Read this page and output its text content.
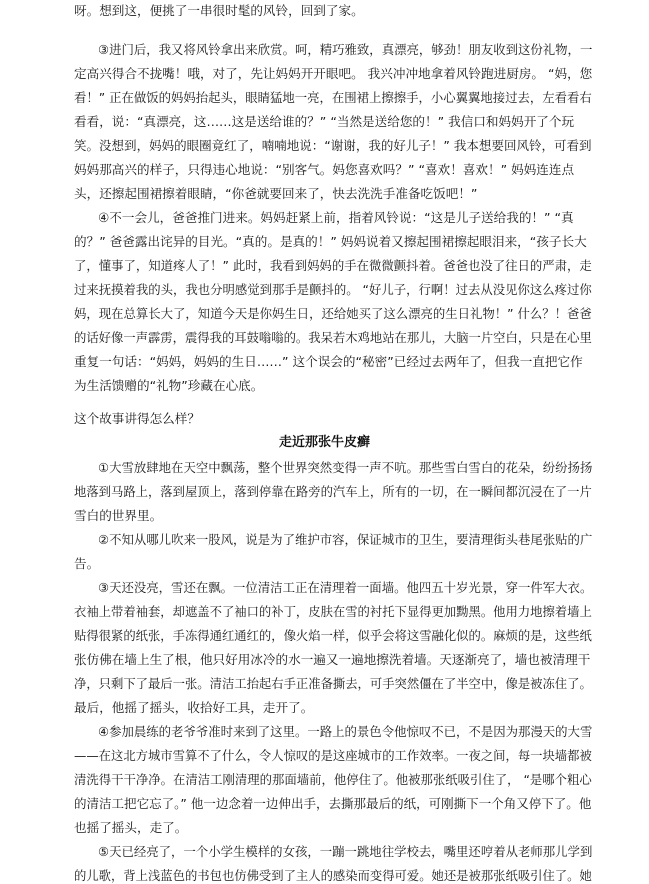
呀。想到这，便挑了一串很时髦的风铃，回到了家。
③进门后，我又将风铃拿出来欣赏。呵，精巧雅致，真漂亮，够劲！朋友收到这份礼物，一
定高兴得合不拢嘴！哦，对了，先让妈妈开开眼吧。 我兴冲冲地拿着风铃跑进厨房。 “妈，您
看！” 正在做饭的妈妈抬起头，眼睛猛地一亮，在围裙上擦擦手，小心翼翼地接过去，左看看右
看看，说：“真漂亮，这……这是送给谁的？” “当然是送给您的！” 我信口和妈妈开了个玩
笑。没想到，妈妈的眼圈竟红了，喃喃地说：“谢谢，我的好儿子！” 我本想要回风铃，可看到
妈妈那高兴的样子，只得违心地说：“别客气。妈您喜欢吗？” “喜欢！喜欢！” 妈妈连连点
头，还擦起围裙擦着眼睛，“你爸就要回来了，快去洗洗手准备吃饭吧！”
④不一会儿，爸爸推门进来。妈妈赶紧上前，指着风铃说：“这是儿子送给我的！” “真
的？” 爸爸露出诧异的目光。“真的。是真的！” 妈妈说着又擦起围裙擦起眼泪来，“孩子长大
了，懂事了，知道疼人了！” 此时，我看到妈妈的手在微微颤抖着。爸爸也没了往日的严肃，走
过来抚摸着我的头，我也分明感觉到那手是颤抖的。 “好儿子，行啊！过去从没见你这么疼过你
妈，现在总算长大了，知道今天是你妈生日，还给她买了这么漂亮的生日礼物！” 什么？！爸爸
的话好像一声霹雳，震得我的耳鼓嗡嗡的。我呆若木鸡地站在那儿，大脑一片空白，只是在心里
重复一句话：“妈妈，妈妈的生日……” 这个误会的“秘密”已经过去两年了，但我一直把它作
为生活馈赠的“礼物”珍藏在心底。
这个故事讲得怎么样？
走近那张牛皮癣
①大雪放肆地在天空中飘荡，整个世界突然变得一声不吭。那些雪白雪白的花朵，纷纷扬扬
地落到马路上，落到屋顶上，落到停靠在路旁的汽车上，所有的一切，在一瞬间都沉浸在了一片
雪白的世界里。
②不知从哪儿吹来一股风，说是为了维护市容，保证城市的卫生，要清理街头巷尾张贴的广
告。
③天还没亮，雪还在飘。一位清洁工正在清理着一面墙。他四五十岁光景，穿一件军大衣。
衣袖上带着袖套，却遮盖不了袖口的补丁，皮肤在雪的衬托下显得更加黝黑。他用力地擦着墙上
贴得很紧的纸张，手冻得通红通红的，像火焰一样，似乎会将这雪融化似的。麻烦的是，这些纸
张仿佛在墙上生了根，他只好用冰冷的水一遍又一遍地擦洗着墙。天逐渐亮了，墙也被清理干
净，只剩下了最后一张。清洁工抬起右手正准备撕去，可手突然僵在了半空中，像是被冻住了。
最后，他摇了摇头，收拾好工具，走开了。
④参加晨练的老爷爷准时来到了这里。一路上的景色令他惊叹不已，不是因为那漫天的大雪
——在这北方城市雪算不了什么，令人惊叹的是这座城市的工作效率。一夜之间，每一块墙都被
清洗得干干净净。在清洁工刚清理的那面墙前，他停住了。他被那张纸吸引住了， “是哪个粗心
的清洁工把它忘了。” 他一边念着一边伸出手，去撕那最后的纸，可刚撕下一个角又停下了。他
也摇了摇头，走了。
⑤天已经亮了，一个小学生模样的女孩，一蹦一跳地往学校去，嘴里还哼着从老师那儿学到
的儿歌，背上浅蓝色的书包也仿佛受到了主人的感染而变得可爱。她还是被那张纸吸引住了。她
